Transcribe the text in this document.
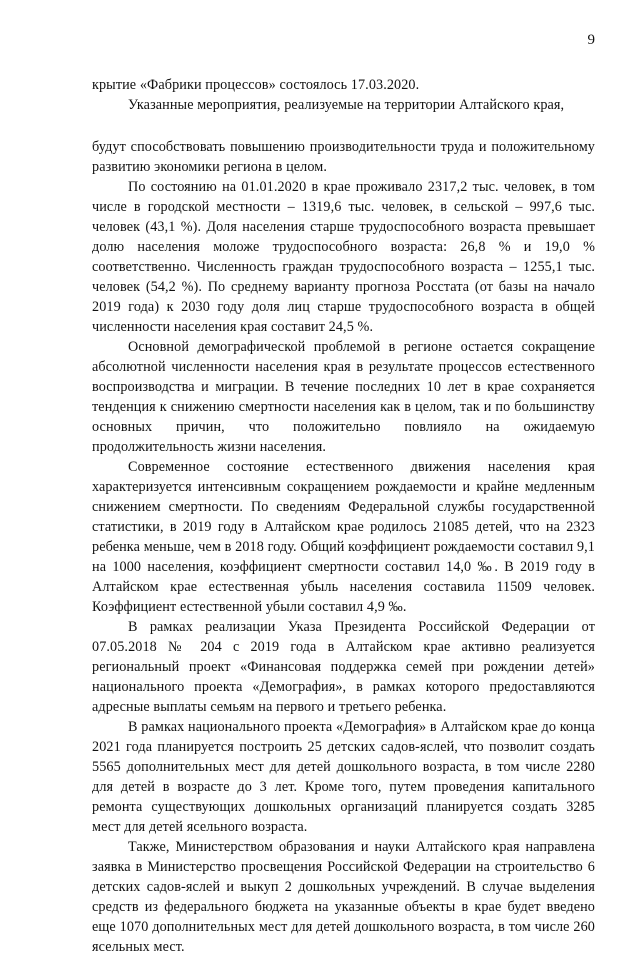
9

крытие «Фабрики процессов» состоялось 17.03.2020.

Указанные мероприятия, реализуемые на территории Алтайского края,

будут способствовать повышению производительности труда и положительному развитию экономики региона в целом.

По состоянию на 01.01.2020 в крае проживало 2317,2 тыс. человек, в том числе в городской местности – 1319,6 тыс. человек, в сельской – 997,6 тыс. человек (43,1 %). Доля населения старше трудоспособного возраста превышает долю населения моложе трудоспособного возраста: 26,8 % и 19,0 % соответственно. Численность граждан трудоспособного возраста – 1255,1 тыс. человек (54,2 %). По среднему варианту прогноза Росстата (от базы на начало 2019 года) к 2030 году доля лиц старше трудоспособного возраста в общей численности населения края составит 24,5 %.

Основной демографической проблемой в регионе остается сокращение абсолютной численности населения края в результате процессов естественного воспроизводства и миграции. В течение последних 10 лет в крае сохраняется тенденция к снижению смертности населения как в целом, так и по большинству основных причин, что положительно повлияло на ожидаемую продолжительность жизни населения.

Современное состояние естественного движения населения края характеризуется интенсивным сокращением рождаемости и крайне медленным снижением смертности. По сведениям Федеральной службы государственной статистики, в 2019 году в Алтайском крае родилось 21085 детей, что на 2323 ребенка меньше, чем в 2018 году. Общий коэффициент рождаемости составил 9,1 на 1000 населения, коэффициент смертности составил 14,0 ‰. В 2019 году в Алтайском крае естественная убыль населения составила 11509 человек. Коэффициент естественной убыли составил 4,9 ‰.

В рамках реализации Указа Президента Российской Федерации от 07.05.2018 № 204 с 2019 года в Алтайском крае активно реализуется региональный проект «Финансовая поддержка семей при рождении детей» национального проекта «Демография», в рамках которого предоставляются адресные выплаты семьям на первого и третьего ребенка.

В рамках национального проекта «Демография» в Алтайском крае до конца 2021 года планируется построить 25 детских садов-яслей, что позволит создать 5565 дополнительных мест для детей дошкольного возраста, в том числе 2280 для детей в возрасте до 3 лет. Кроме того, путем проведения капитального ремонта существующих дошкольных организаций планируется создать 3285 мест для детей ясельного возраста.

Также, Министерством образования и науки Алтайского края направлена заявка в Министерство просвещения Российской Федерации на строительство 6 детских садов-яслей и выкуп 2 дошкольных учреждений. В случае выделения средств из федерального бюджета на указанные объекты в крае будет введено еще 1070 дополнительных мест для детей дошкольного возраста, в том числе 260 ясельных мест.
